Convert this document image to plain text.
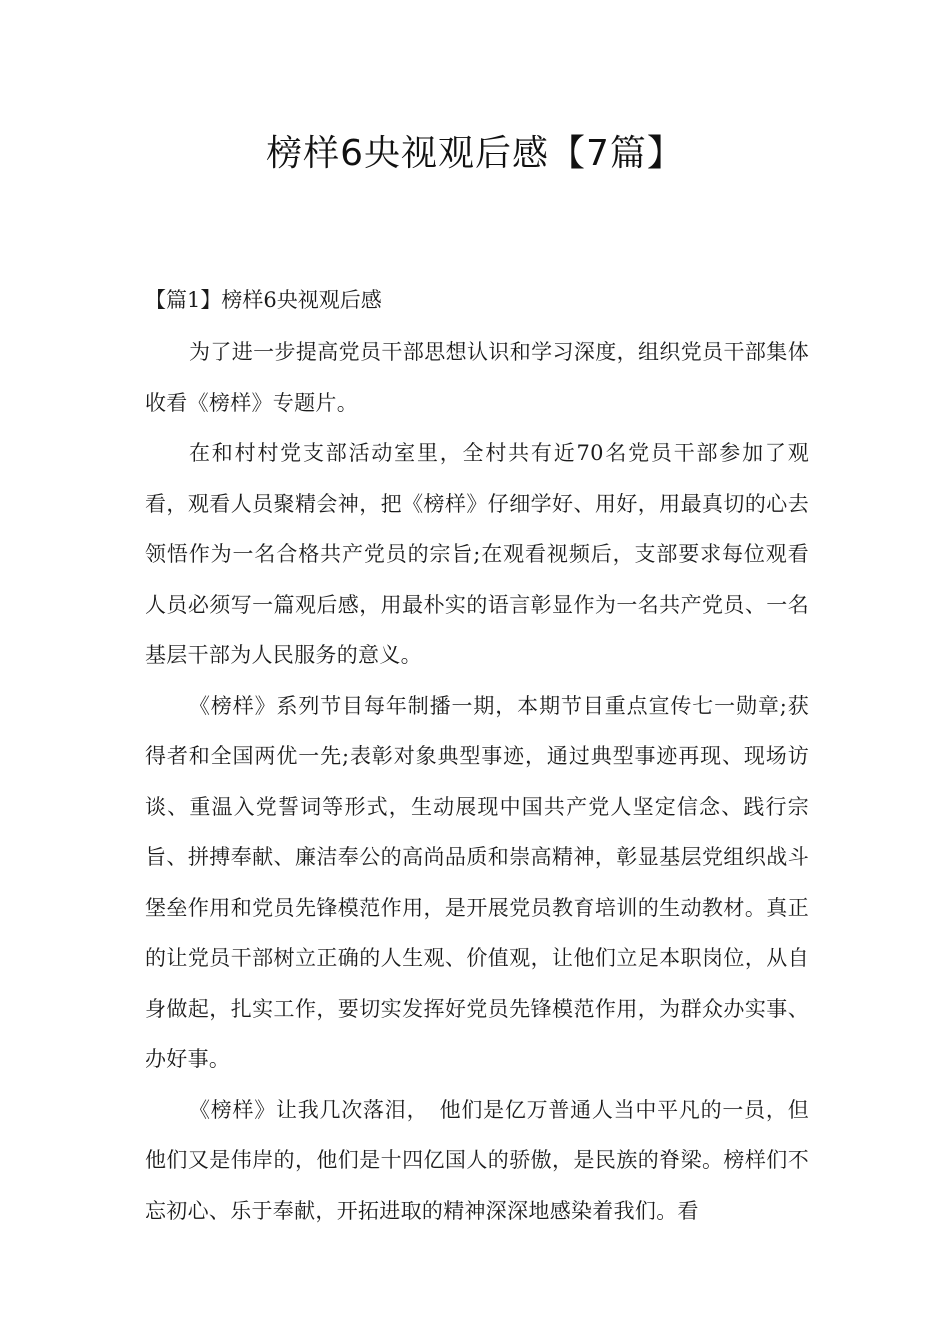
榜样6央视观后感【7篇】
【篇1】榜样6央视观后感

为了进一步提高党员干部思想认识和学习深度，组织党员干部集体收看《榜样》专题片。

在和村村党支部活动室里，全村共有近70名党员干部参加了观看，观看人员聚精会神，把《榜样》仔细学好、用好，用最真切的心去领悟作为一名合格共产党员的宗旨;在观看视频后，支部要求每位观看人员必须写一篇观后感，用最朴实的语言彰显作为一名共产党员、一名基层干部为人民服务的意义。

《榜样》系列节目每年制播一期，本期节目重点宣传七一勋章;获得者和全国两优一先;表彰对象典型事迹，通过典型事迹再现、现场访谈、重温入党誓词等形式，生动展现中国共产党人坚定信念、践行宗旨、拼搏奉献、廉洁奉公的高尚品质和崇高精神，彰显基层党组织战斗堡垒作用和党员先锋模范作用，是开展党员教育培训的生动教材。真正的让党员干部树立正确的人生观、价值观，让他们立足本职岗位，从自身做起，扎实工作，要切实发挥好党员先锋模范作用，为群众办实事、办好事。

《榜样》让我几次落泪，　他们是亿万普通人当中平凡的一员，但他们又是伟岸的，他们是十四亿国人的骄傲，是民族的脊梁。榜样们不忘初心、乐于奉献，开拓进取的精神深深地感染着我们。看
